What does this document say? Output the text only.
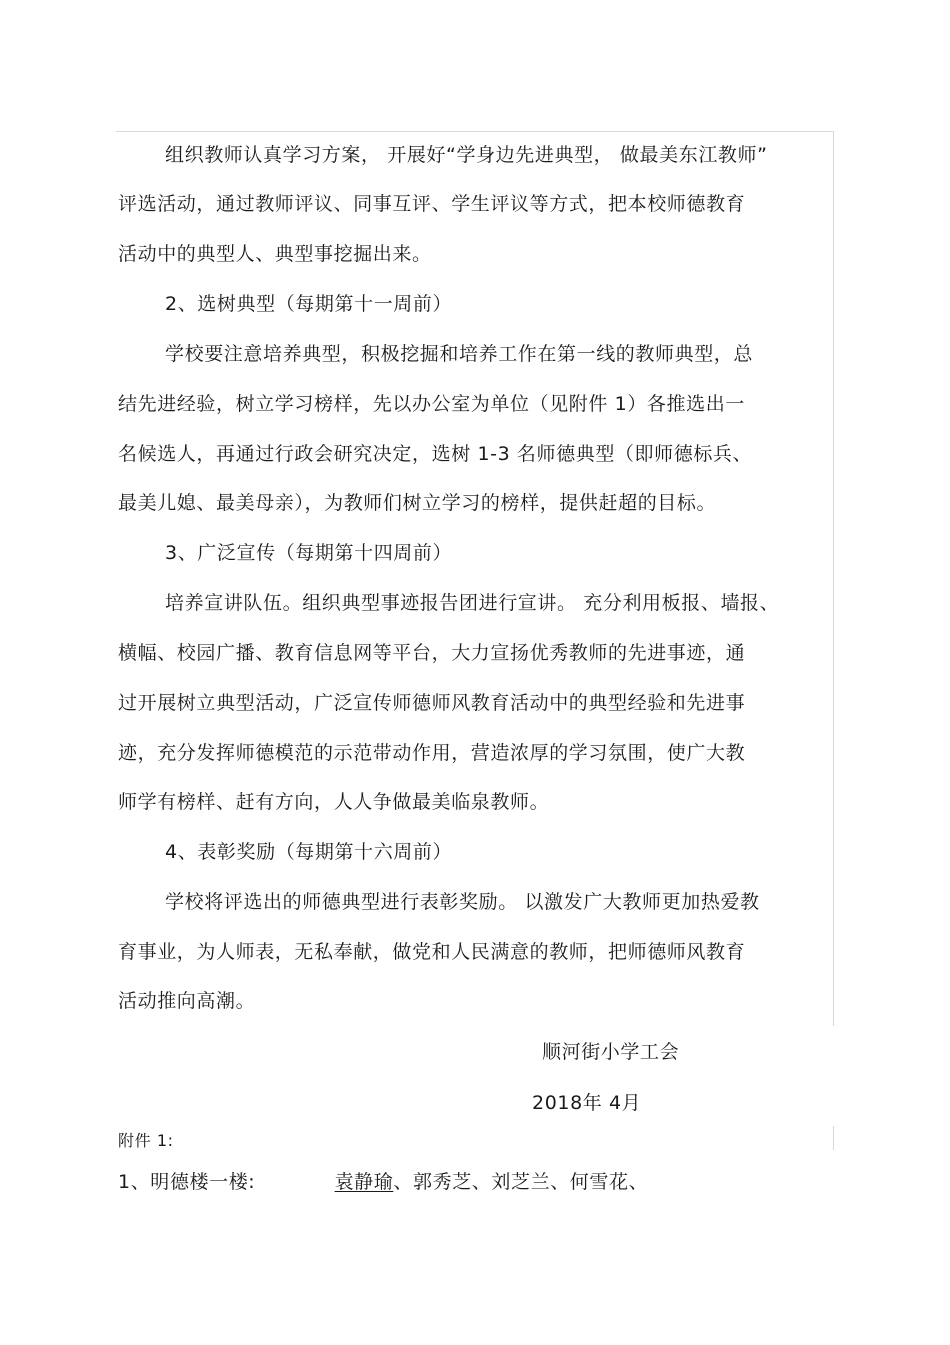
组织教师认真学习方案， 开展好“学身边先进典型， 做最美东江教师”
评选活动，通过教师评议、同事互评、学生评议等方式，把本校师德教育
活动中的典型人、典型事挖掘出来。
2、选树典型（每期第十一周前）
学校要注意培养典型，积极挖掘和培养工作在第一线的教师典型，总
结先进经验，树立学习榜样，先以办公室为单位（见附件 1）各推选出一
名候选人，再通过行政会研究决定，选树 1-3 名师德典型（即师德标兵、
最美儿媳、最美母亲），为教师们树立学习的榜样，提供赶超的目标。
3、广泛宣传（每期第十四周前）
培养宣讲队伍。组织典型事迹报告团进行宣讲。 充分利用板报、墙报、
横幅、校园广播、教育信息网等平台，大力宣扬优秀教师的先进事迹，通
过开展树立典型活动，广泛宣传师德师风教育活动中的典型经验和先进事
迹，充分发挥师德模范的示范带动作用，营造浓厚的学习氛围，使广大教
师学有榜样、赶有方向，人人争做最美临泉教师。
4、表彰奖励（每期第十六周前）
学校将评选出的师德典型进行表彰奖励。 以激发广大教师更加热爱教
育事业，为人师表，无私奉献，做党和人民满意的教师，把师德师风教育
活动推向高潮。
顺河街小学工会
2018年 4月
附件 1:
1、明德楼一楼:	袁静瑜、郭秀芝、刘芝兰、何雪花、
